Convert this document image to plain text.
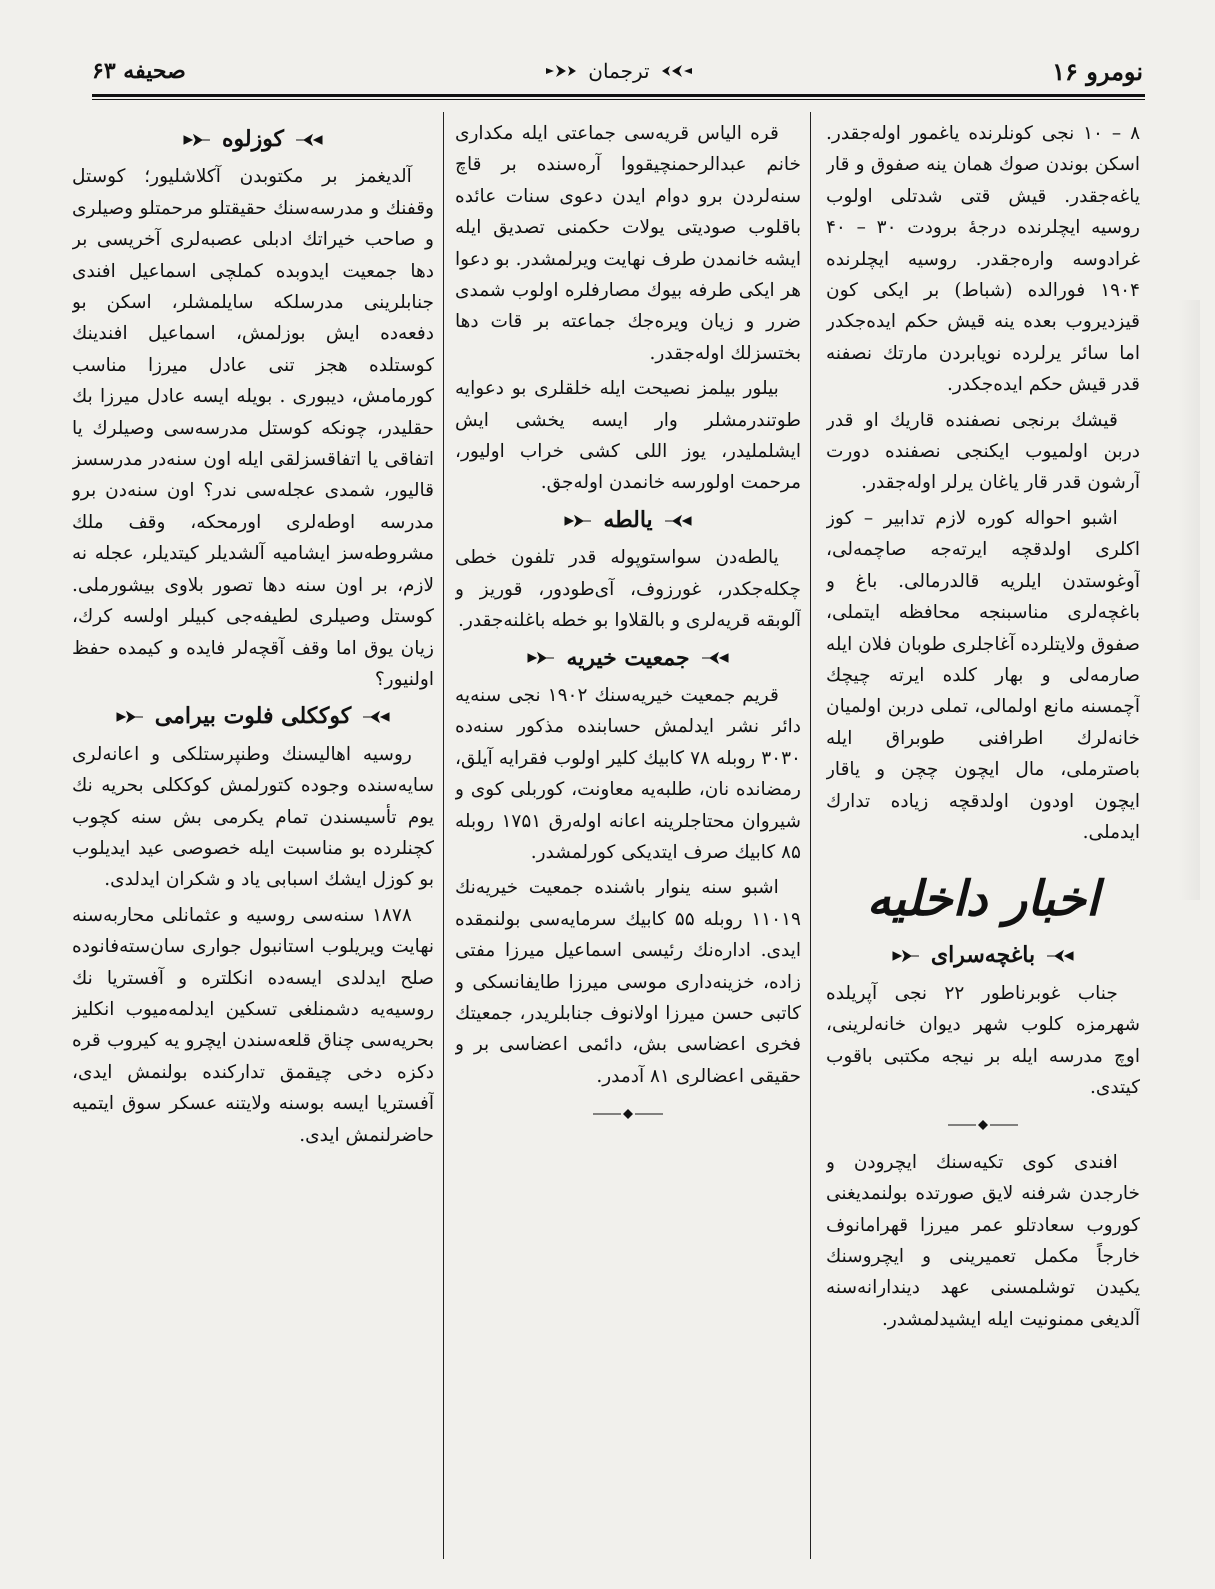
نومرو ۱۶
ترجمان
صحیفه ۶۳

۸ – ۱۰ نجی كونلرنده یاغمور اوله‌جقدر. اسكن بوندن صوك همان ینه صفوق و قار یاغه‌جقدر. قیش قتی شدتلی اولوب روسیه ایچلرنده درجۀ برودت ۳۰ – ۴۰ غرادوسه وارەجقدر. روسیه ایچلرنده ۱۹۰۴ فورالده (شباط) بر ایكی كون قیزدیروب بعده ینه قیش حكم ایده‌جكدر اما سائر یرلرده نویابردن مارتك نصفنه قدر قیش حكم ایده‌جكدر.

قیشك برنجی نصفنده قاریك او قدر دربن اولمیوب ایكنجی نصفنده دورت آرشون قدر قار یاغان یرلر اوله‌جقدر.

اشبو احواله كوره لازم تدابیر – كوز اكلری اولدقچه ایرته‌جه صاچمه‌لی، آوغوستدن ایلریه قالدرمالی. باغ و باغچه‌لری مناسبنجه محافظه ایتملی، صفوق ولایتلرده آغاجلری طوبان فلان ایله صارمه‌لی و بهار كلدە ایرته چیچك آچمسنه مانع اولمالی، تملی دربن اولمیان خانه‌لرك اطرافنی طوبراق ایله باصترملی، مال ایچون چچن و یاقار ایچون اودون اولدقچه زیاده تدارك ایدملی.

اخبار داخلیه
باغچه‌سرای

جناب غوبرناطور ۲۲ نجی آپریلده شهرمزه كلوب شهر دیوان خانه‌لرینی، اوچ مدرسه ایله بر نیجه مكتبی باقوب كیتدی.

افندی كوی تكیه‌سنك ایچرودن و خارجدن شرفنه لایق صورتده بولنمدیغنی كوروب سعادتلو عمر میرزا قهرامانوف خارجاً مكمل تعمیرینی و ایچروسنك یكیدن توشلمسنی عهد دیندارانه‌سنه آلدیغی ممنونیت ایله ایشیدلمشدر.

قره الیاس قریه‌سی جماعتی ایله مكداری خانم عبدالرحمنچیقووا آره‌سنده بر قاچ سنه‌لردن برو دوام ایدن دعوی سنات عائده باقلوب صودیتی یولات حكمنی تصدیق ایله ایشه خانمدن طرف نهایت ویرلمشدر. بو دعوا هر ایكی طرفه بیوك مصارفلره اولوب شمدی ضرر و زیان ویرەجك جماعته بر قات دها بختسزلك اوله‌جقدر.

بیلور بیلمز نصیحت ایله خلقلری بو دعوایه طوتندرمشلر وار ایسه یخشی ایش ایشلملیدر، یوز اللی كشی خراب اولیور، مرحمت اولورسه خانمدن اوله‌جق.

یالطه

یالطه‌دن سواستوپوله قدر تلفون خطی چكله‌جكدر، غورزوف، آی‌طودور، قوریز و آلوبقه قریه‌لری و بالقلاوا بو خطه باغلنه‌جقدر.

جمعیت خیریه

قریم جمعیت خیریه‌سنك ۱۹۰۲ نجی سنه‌یه دائر نشر ایدلمش حسابنده مذكور سنه‌ده ۳۰۳۰ روبله ۷۸ كابیك كلیر اولوب فقرایه آیلق، رمضانده نان، طلبه‌یه معاونت، كوربلی كوی و شیروان محتاجلرینه اعانه اوله‌رق ۱۷۵۱ روبله ۸۵ كابیك صرف ایتدیكی كورلمشدر.

اشبو سنه ینوار باشنده جمعیت خیریه‌نك ۱۱۰۱۹ روبله ۵۵ كابیك سرمایه‌سی بولنمقده ایدی. اداره‌نك رئیسی اسماعیل میرزا مفتی زاده، خزینه‌داری موسی میرزا طایفانسكی و كاتبی حسن میرزا اولانوف جنابلریدر، جمعیتك فخری اعضاسی بش، دائمی اعضاسی بر و حقیقی اعضالری ۸۱ آدمدر.

كوزلوه

آلدیغمز بر مكتوبدن آكلاشلیور؛ كوستل وقفنك و مدرسه‌سنك حقیقتلو مرحمتلو وصیلری و صاحب خیراتك ادبلی عصبه‌لری آخریسی بر دها جمعیت ایدوبده كملچی اسماعیل افندی جنابلرینی مدرسلكه سایلمشلر، اسكن بو دفعه‌ده ایش بوزلمش، اسماعیل افندینك كوستلده هجز تنی عادل میرزا مناسب كورمامش، دیبوری . بویله ایسه عادل میرزا بك حقلیدر، چونكه كوستل مدرسه‌سی وصیلرك یا اتفاقی یا اتفاقسزلقی ایله اون سنه‌در مدرسسز قالیور، شمدی عجله‌سی ندر؟ اون سنه‌دن برو مدرسه اوطه‌لری اورمحكه، وقف ملك مشروطه‌سز ایشامیه آلشدیلر كیتدیلر، عجله نه لازم، بر اون سنه دها تصور بلاوی بیشورملی. كوستل وصیلری لطیفه‌جی كبیلر اولسه كرك، زیان یوق اما وقف آقچه‌لر فایده و كیمده حفظ اولنیور؟

كوككلی فلوت بیرامی

روسیه اهالیسنك وطنپرستلكی و اعانه‌لری سایه‌سنده وجوده كتورلمش كوككلی بحریه نك یوم تأسیسندن تمام یكرمی بش سنه كچوب كچنلرده بو مناسبت ایله خصوصی عید ایدیلوب بو كوزل ایشك اسبابی یاد و شكران ایدلدی.

۱۸۷۸ سنه‌سی روسیه و عثمانلی محاربه‌سنه نهایت ویریلوب استانبول جواری سان‌سته‌فانوده صلح ایدلدی ایسه‌ده انكلترە و آفستریا نك روسیه‌یه دشمنلغی تسكین ایدلمه‌میوب انكلیز بحریه‌سی چناق قلعه‌سندن ایچرو یه كیروب قره دكزه دخی چیقمق تداركنده بولنمش ایدی، آفستریا ایسه بوسنه ولایتنه عسكر سوق ایتمیه حاضرلنمش ایدی.
